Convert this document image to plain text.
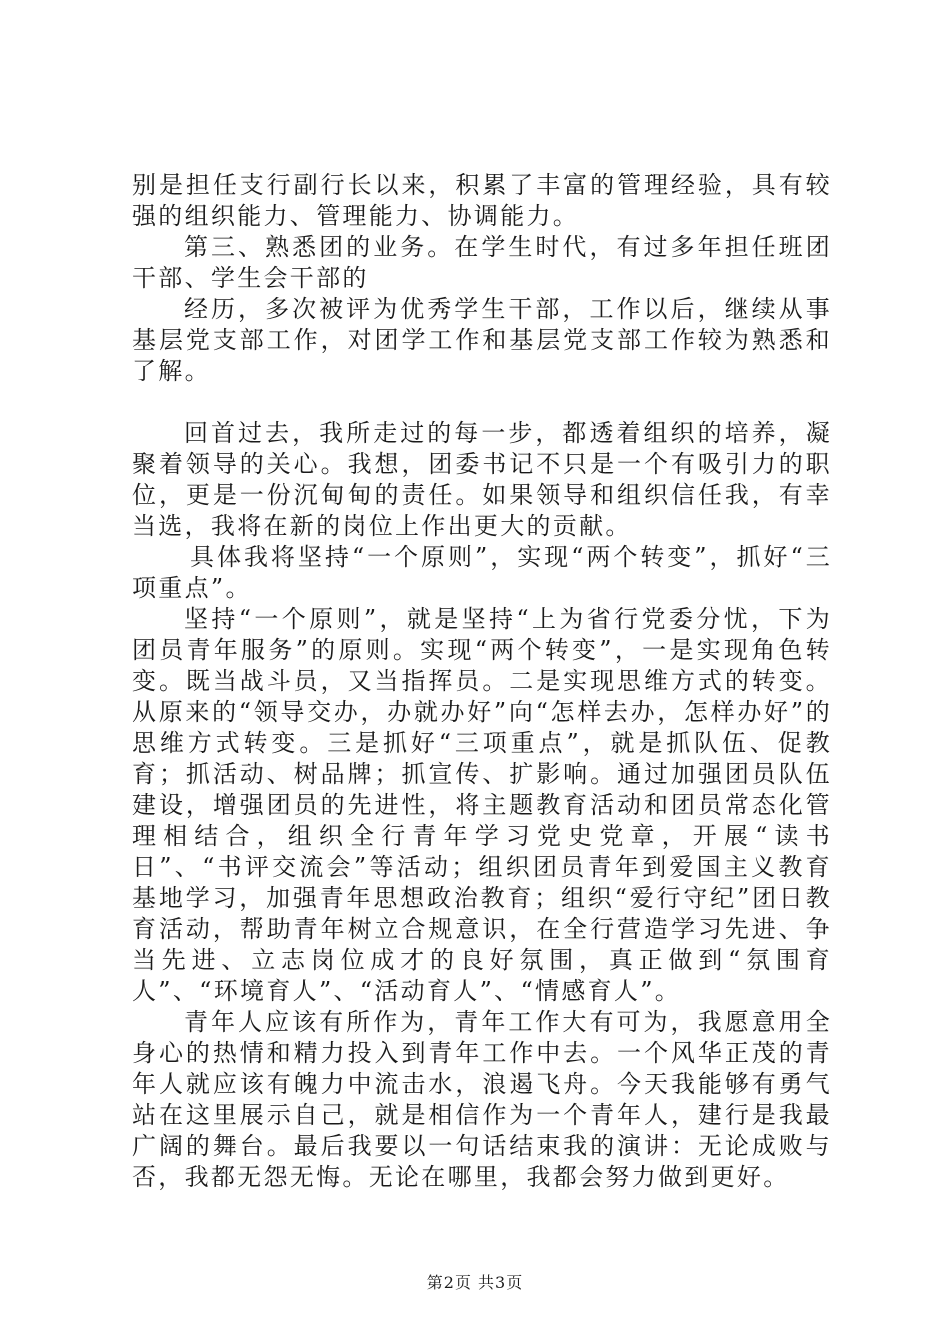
别是担任支行副行长以来，积累了丰富的管理经验，具有较强的组织能力、管理能力、协调能力。

第三、熟悉团的业务。在学生时代，有过多年担任班团干部、学生会干部的

经历，多次被评为优秀学生干部，工作以后，继续从事基层党支部工作，对团学工作和基层党支部工作较为熟悉和了解。

回首过去，我所走过的每一步，都透着组织的培养，凝聚着领导的关心。我想，团委书记不只是一个有吸引力的职位，更是一份沉甸甸的责任。如果领导和组织信任我，有幸当选，我将在新的岗位上作出更大的贡献。

具体我将坚持“一个原则”，实现“两个转变”，抓好“三项重点”。

坚持“一个原则”，就是坚持“上为省行党委分忧，下为团员青年服务”的原则。实现“两个转变”，一是实现角色转变。既当战斗员，又当指挥员。二是实现思维方式的转变。从原来的“领导交办，办就办好”向“怎样去办，怎样办好”的思维方式转变。三是抓好“三项重点”，就是抓队伍、促教育；抓活动、树品牌；抓宣传、扩影响。通过加强团员队伍建设，增强团员的先进性，将主题教育活动和团员常态化管理相结合，组织全行青年学习党史党章，开展“读书日”、“书评交流会”等活动；组织团员青年到爱国主义教育基地学习，加强青年思想政治教育；组织“爱行守纪”团日教育活动，帮助青年树立合规意识，在全行营造学习先进、争当先进、立志岗位成才的良好氛围，真正做到“氛围育人”、“环境育人”、“活动育人”、“情感育人”。

青年人应该有所作为，青年工作大有可为，我愿意用全身心的热情和精力投入到青年工作中去。一个风华正茂的青年人就应该有魄力中流击水，浪遏飞舟。今天我能够有勇气站在这里展示自己，就是相信作为一个青年人，建行是我最广阔的舞台。最后我要以一句话结束我的演讲：无论成败与否，我都无怨无悔。无论在哪里，我都会努力做到更好。

第2页 共3页
